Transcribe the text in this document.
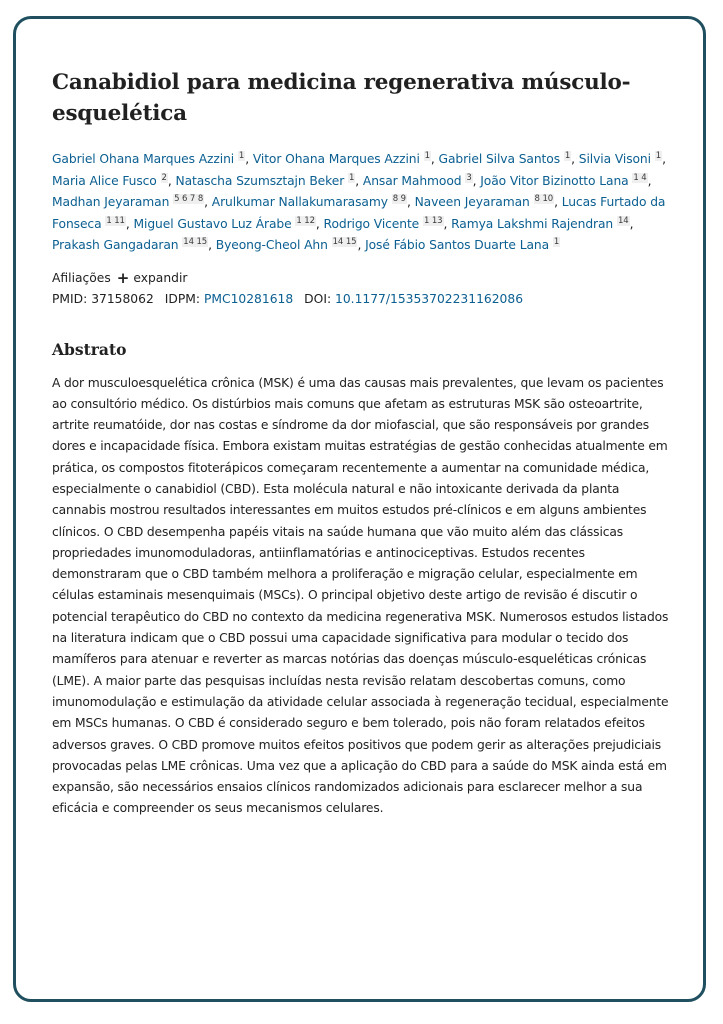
Canabidiol para medicina regenerativa músculo-esquelética
Gabriel Ohana Marques Azzini $^1$, Vitor Ohana Marques Azzini $^1$, Gabriel Silva Santos $^1$, Silvia Visoni $^1$, Maria Alice Fusco $^2$, Natascha Szumsztajn Beker $^1$, Ansar Mahmood $^3$, João Vitor Bizinotto Lana $^{1 4}$, Madhan Jeyaraman $^{5 6 7 8}$, Arulkumar Nallakumarasamy $^{8 9}$, Naveen Jeyaraman $^{8 10}$, Lucas Furtado da Fonseca $^{1 11}$, Miguel Gustavo Luz Árabe $^{1 12}$, Rodrigo Vicente $^{1 13}$, Ramya Lakshmi Rajendran $^{14}$, Prakash Gangadaran $^{14 15}$, Byeong-Cheol Ahn $^{14 15}$, José Fábio Santos Duarte Lana $^1$
Afiliações + expandir
PMID: 37158062 IDPM: PMC10281618 DOI: 10.1177/15353702231162086
Abstrato
A dor musculoesquelética crônica (MSK) é uma das causas mais prevalentes, que levam os pacientes ao consultório médico. Os distúrbios mais comuns que afetam as estruturas MSK são osteoartrite, artrite reumatóide, dor nas costas e síndrome da dor miofascial, que são responsáveis por grandes dores e incapacidade física. Embora existam muitas estratégias de gestão conhecidas atualmente em prática, os compostos fitoterápicos começaram recentemente a aumentar na comunidade médica, especialmente o canabidiol (CBD). Esta molécula natural e não intoxicante derivada da planta cannabis mostrou resultados interessantes em muitos estudos pré-clínicos e em alguns ambientes clínicos. O CBD desempenha papéis vitais na saúde humana que vão muito além das clássicas propriedades imunomoduladoras, antiinflamatórias e antinociceptivas. Estudos recentes demonstraram que o CBD também melhora a proliferação e migração celular, especialmente em células estaminais mesenquimais (MSCs). O principal objetivo deste artigo de revisão é discutir o potencial terapêutico do CBD no contexto da medicina regenerativa MSK. Numerosos estudos listados na literatura indicam que o CBD possui uma capacidade significativa para modular o tecido dos mamíferos para atenuar e reverter as marcas notórias das doenças músculo-esqueléticas crónicas (LME). A maior parte das pesquisas incluídas nesta revisão relatam descobertas comuns, como imunomodulação e estimulação da atividade celular associada à regeneração tecidual, especialmente em MSCs humanas. O CBD é considerado seguro e bem tolerado, pois não foram relatados efeitos adversos graves. O CBD promove muitos efeitos positivos que podem gerir as alterações prejudiciais provocadas pelas LME crônicas. Uma vez que a aplicação do CBD para a saúde do MSK ainda está em expansão, são necessários ensaios clínicos randomizados adicionais para esclarecer melhor a sua eficácia e compreender os seus mecanismos celulares.
